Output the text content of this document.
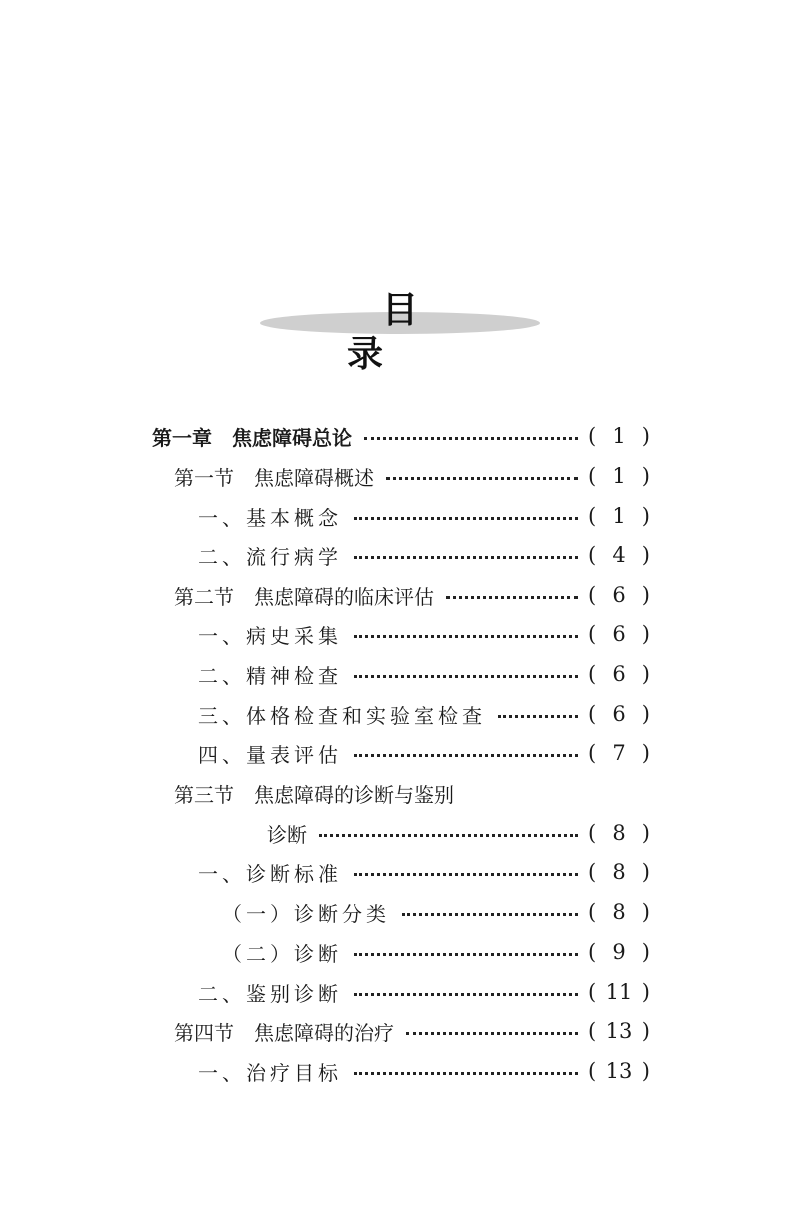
目 录
第一章　焦虑障碍总论	( 1 )
第一节　焦虑障碍概述	( 1 )
一、基本概念	( 1 )
二、流行病学	( 4 )
第二节　焦虑障碍的临床评估	( 6 )
一、病史采集	( 6 )
二、精神检查	( 6 )
三、体格检查和实验室检查	( 6 )
四、量表评估	( 7 )
第三节　焦虑障碍的诊断与鉴别
诊断	( 8 )
一、诊断标准	( 8 )
（一）诊断分类	( 8 )
（二）诊断	( 9 )
二、鉴别诊断	( 11 )
第四节　焦虑障碍的治疗	( 13 )
一、治疗目标	( 13 )
